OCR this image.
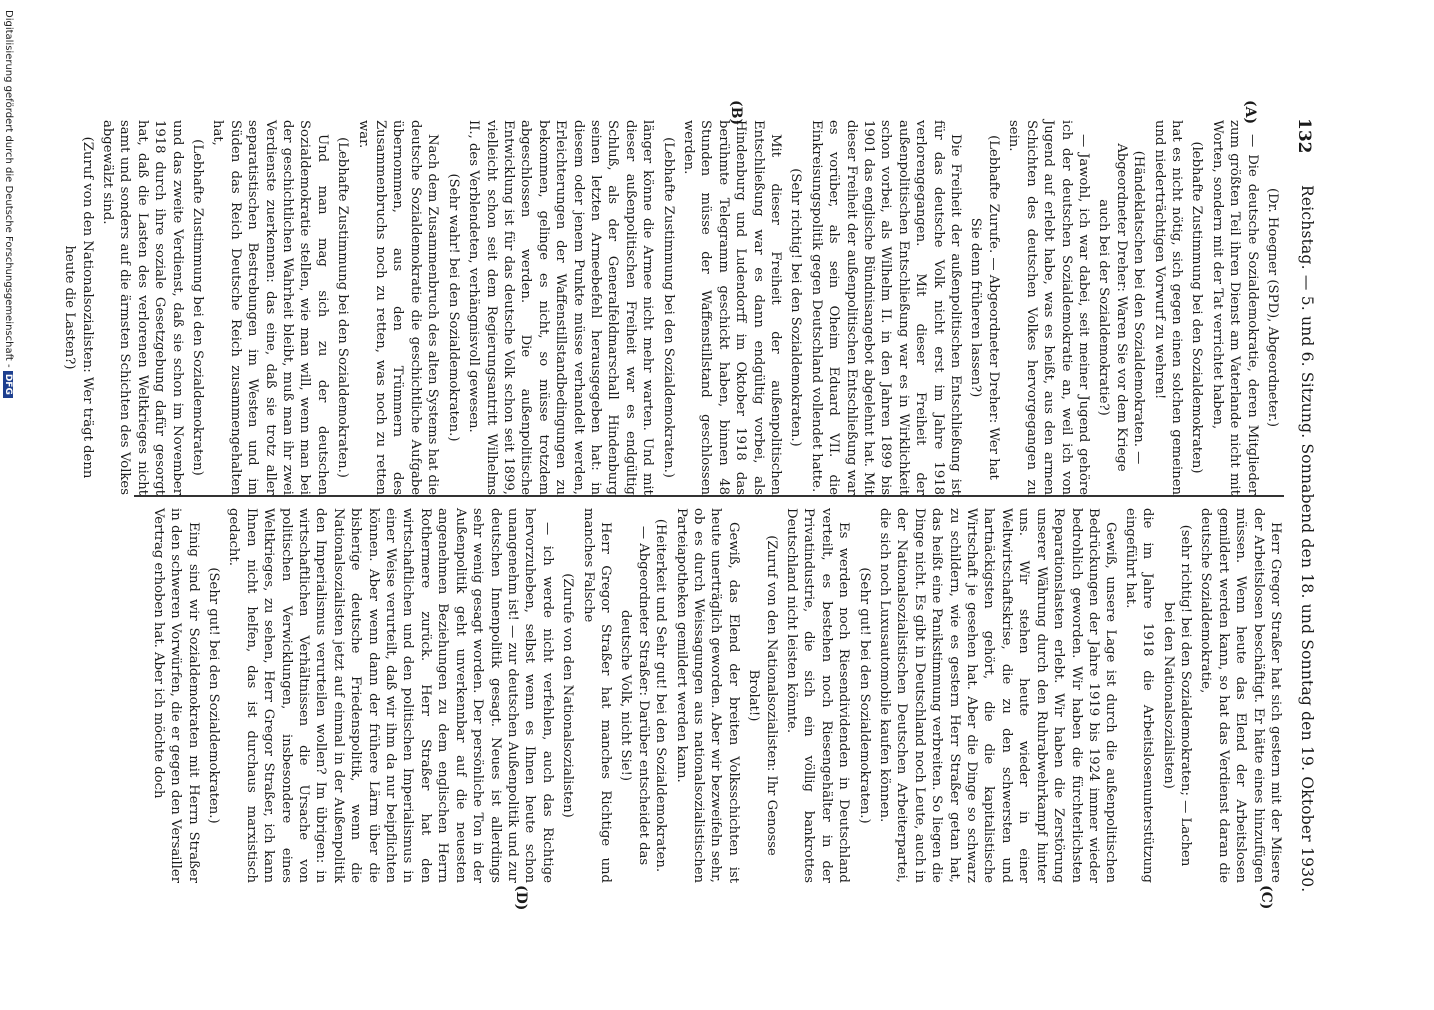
132
Reichstag. — 5. und 6. Sitzung. Sonnabend den 18. und Sonntag den 19. Oktober 1930.
(A)
(B)
(C)
(D)

(Dr. Hoegner (SPD), Abgeordneter.)

— Die deutsche Sozialdemokratie, deren Mitglieder zum größten Teil ihren Dienst am Vaterlande nicht mit Worten, sondern mit der Tat verrichtet haben,

(lebhafte Zustimmung bei den Sozialdemokraten)

hat es nicht nötig, sich gegen einen solchen gemeinen und niederträchtigen Vorwurf zu wehren!

(Händeklatschen bei den Sozialdemokraten. — Abgeordneter Dreher: Waren Sie vor dem Kriege auch bei der Sozialdemokratie?)

— Jawohl, ich war dabei, seit meiner Jugend gehöre ich der deutschen Sozialdemokratie an, weil ich von Jugend auf erlebt habe, was es heißt, aus den armen Schichten des deutschen Volkes hervorgegangen zu sein.

(Lebhafte Zurufe. — Abgeordneter Dreher: Wer hat Sie denn früheren lassen?)

Die Freiheit der außenpolitischen Entschließung ist für das deutsche Volk nicht erst im Jahre 1918 verlorengegangen. Mit dieser Freiheit der außenpolitischen Entschließung war es in Wirklichkeit schon vorbei, als Wilhelm II. in den Jahren 1899 bis 1901 das englische Bündnisangebot abgelehnt hat. Mit dieser Freiheit der außenpolitischen Entschließung war es vorüber, als sein Oheim Eduard VII. die Einkreisungspolitik gegen Deutschland vollendet hatte.

(Sehr richtig! bei den Sozialdemokraten.)

Mit dieser Freiheit der außenpolitischen Entschließung war es dann endgültig vorbei, als Hindenburg und Ludendorff im Oktober 1918 das berühmte Telegramm geschickt haben, binnen 48 Stunden müsse der Waffenstillstand geschlossen werden.

(Lebhafte Zustimmung bei den Sozialdemokraten.)

länger könne die Armee nicht mehr warten. Und mit dieser außenpolitischen Freiheit war es endgültig Schluß, als der Generalfeldmarschall Hindenburg seinen letzten Armeebefehl herausgegeben hat: in diesem oder jenem Punkte müsse verhandelt werden, Erleichterungen der Waffenstillstandbedingungen zu bekommen, gelinge es nicht, so müsse trotzdem abgeschlossen werden. Die außenpolitische Entwicklung ist für das deutsche Volk schon seit 1899, vielleicht schon seit dem Regierungsantritt Wilhelms II., des Verblendeten, verhängnisvoll gewesen.

(Sehr wahr! bei den Sozialdemokraten.)

Nach dem Zusammenbruch des alten Systems hat die deutsche Sozialdemokratie die geschichtliche Aufgabe übernommen, aus den Trümmern des Zusammenbruchs noch zu retten, was noch zu retten war.

(Lebhafte Zustimmung bei den Sozialdemokraten.)

Und man mag sich zu der deutschen Sozialdemokratie stellen, wie man will, wenn man bei der geschichtlichen Wahrheit bleibt, muß man ihr zwei Verdienste zuerkennen: das eine, daß sie trotz aller separatistischen Bestrebungen im Westen und im Süden das Reich Deutsche Reich zusammengehalten hat,

(Lebhafte Zustimmung bei den Sozialdemokraten)

und das zweite Verdienst, daß sie schon im November 1918 durch ihre soziale Gesetzgebung dafür gesorgt hat, daß die Lasten des verlorenen Weltkrieges nicht samt und sonders auf die ärmsten Schichten des Volkes abgewälzt sind.

(Zuruf von den Nationalsozialisten: Wer trägt denn heute die Lasten?)

Herr Gregor Straßer hat sich gestern mit der Misere der Arbeitslosen beschäftigt. Er hätte eines hinzufügen müssen. Wenn heute das Elend der Arbeitslosen gemildert werden kann, so hat das Verdienst daran die deutsche Sozialdemokratie,

(sehr richtig! bei den Sozialdemokraten; — Lachen bei den Nationalsozialisten)

die im Jahre 1918 die Arbeitslosenunterstützung eingeführt hat.

Gewiß, unsere Lage ist durch die außenpolitischen Bedrückungen der Jahre 1919 bis 1924 immer wieder bedrohlich geworden. Wir haben die fürchterlichsten Reparationslasten erlebt. Wir haben die Zerstörung unserer Währung durch den Ruhrabwehrkampf hinter uns. Wir stehen heute wieder in einer Weltwirtschaftskrise, die zu den schwersten und hartnäckigsten gehört, die die kapitalistische Wirtschaft je gesehen hat. Aber die Dinge so schwarz zu schildern, wie es gestern Herr Straßer getan hat, das heißt eine Panikstimmung verbreiten. So liegen die Dinge nicht. Es gibt in Deutschland noch Leute, auch in der Nationalsozialistischen Deutschen Arbeiterpartei, die sich noch Luxusautomobile kaufen können.

(Sehr gut! bei den Sozialdemokraten.)

Es werden noch Riesendividenden in Deutschland verteilt, es bestehen noch Riesengehälter in der Privatindustrie, die sich ein völlig bankrottes Deutschland nicht leisten könnte.

(Zuruf von den Nationalsozialisten: Ihr Genosse Brolat!)

Gewiß, das Elend der breiten Volksschichten ist heute unerträglich geworden. Aber wir bezweifeln sehr, ob es durch Weissagungen aus nationalsozialistischen Parteiapotheken gemildert werden kann.

(Heiterkeit und Sehr gut! bei den Sozialdemokraten. — Abgeordneter Straßer: Darüber entscheidet das deutsche Volk, nicht Sie!)

Herr Gregor Straßer hat manches Richtige und manches Falsche

(Zurufe von den Nationalsozialisten)

— ich werde nicht verfehlen, auch das Richtige hervorzuheben, selbst wenn es Ihnen heute schon unangenehm ist! — zur deutschen Außenpolitik und zur deutschen Innenpolitik gesagt. Neues ist allerdings sehr wenig gesagt worden. Der persönliche Ton in der Außenpolitik geht unverkennbar auf die neuesten angenehmen Beziehungen zu dem englischen Herrn Rothermere zurück. Herr Straßer hat den wirtschaftlichen und den politischen Imperialismus in einer Weise verurteilt, daß wir ihm da nur beipflichten können. Aber wenn dann der frühere Lärm über die bisherige deutsche Friedenspolitik, wenn die Nationalsozialisten jetzt auf einmal in der Außenpolitik den Imperialismus verurteilen wollen? Im übrigen: in wirtschaftlichen Verhältnissen die Ursache von politischen Verwicklungen, insbesondere eines Weltkrieges, zu sehen, Herr Gregor Straßer, ich kann Ihnen nicht helfen, das ist durchaus marxistisch gedacht.

(Sehr gut! bei den Sozialdemokraten.)

Einig sind wir Sozialdemokraten mit Herrn Straßer in den schweren Vorwürfen, die er gegen den Versailler Vertrag erhoben hat. Aber ich möchte doch

Digitalisierung gefördert durch die Deutsche Forschungsgemeinschaft - DFG
